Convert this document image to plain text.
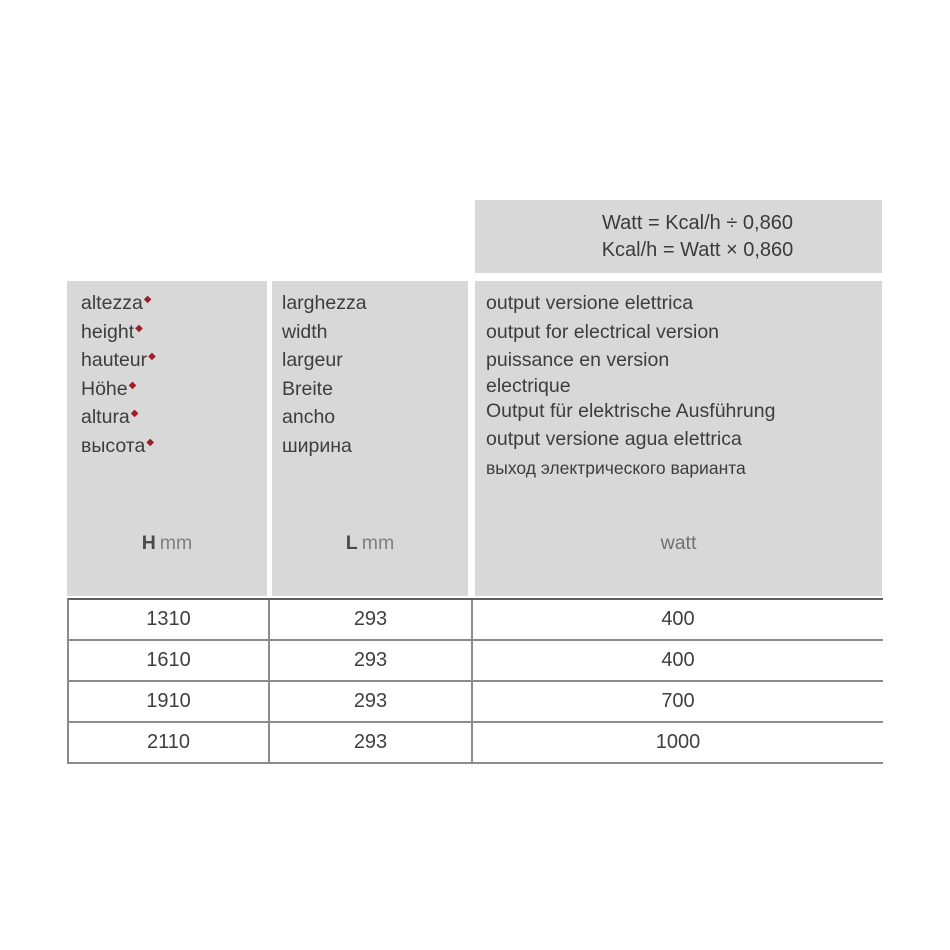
Watt = Kcal/h ÷ 0,860
Kcal/h = Watt × 0,860
altezza◆
height◆
hauteur◆
Höhe◆
altura◆
высота◆
H mm
larghezza
width
largeur
Breite
ancho
ширина
L mm
output versione elettrica
output for electrical version
puissance en version
electrique
Output für elektrische Ausführung
output versione agua elettrica
выход электрического варианта
watt
1310	293	400
1610	293	400
1910	293	700
2110	293	1000
